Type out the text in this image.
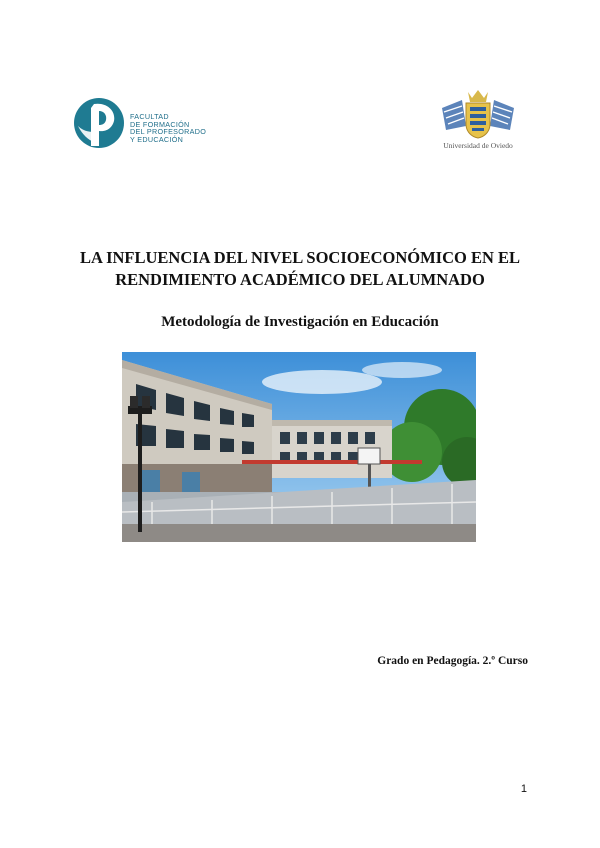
FACULTAD
DE FORMACIÓN
DEL PROFESORADO
Y EDUCACIÓN
Universidad de Oviedo
LA INFLUENCIA DEL NIVEL SOCIOECONÓMICO EN EL
RENDIMIENTO ACADÉMICO DEL ALUMNADO
Metodología de Investigación en Educación
Grado en Pedagogía. 2.º Curso
1
